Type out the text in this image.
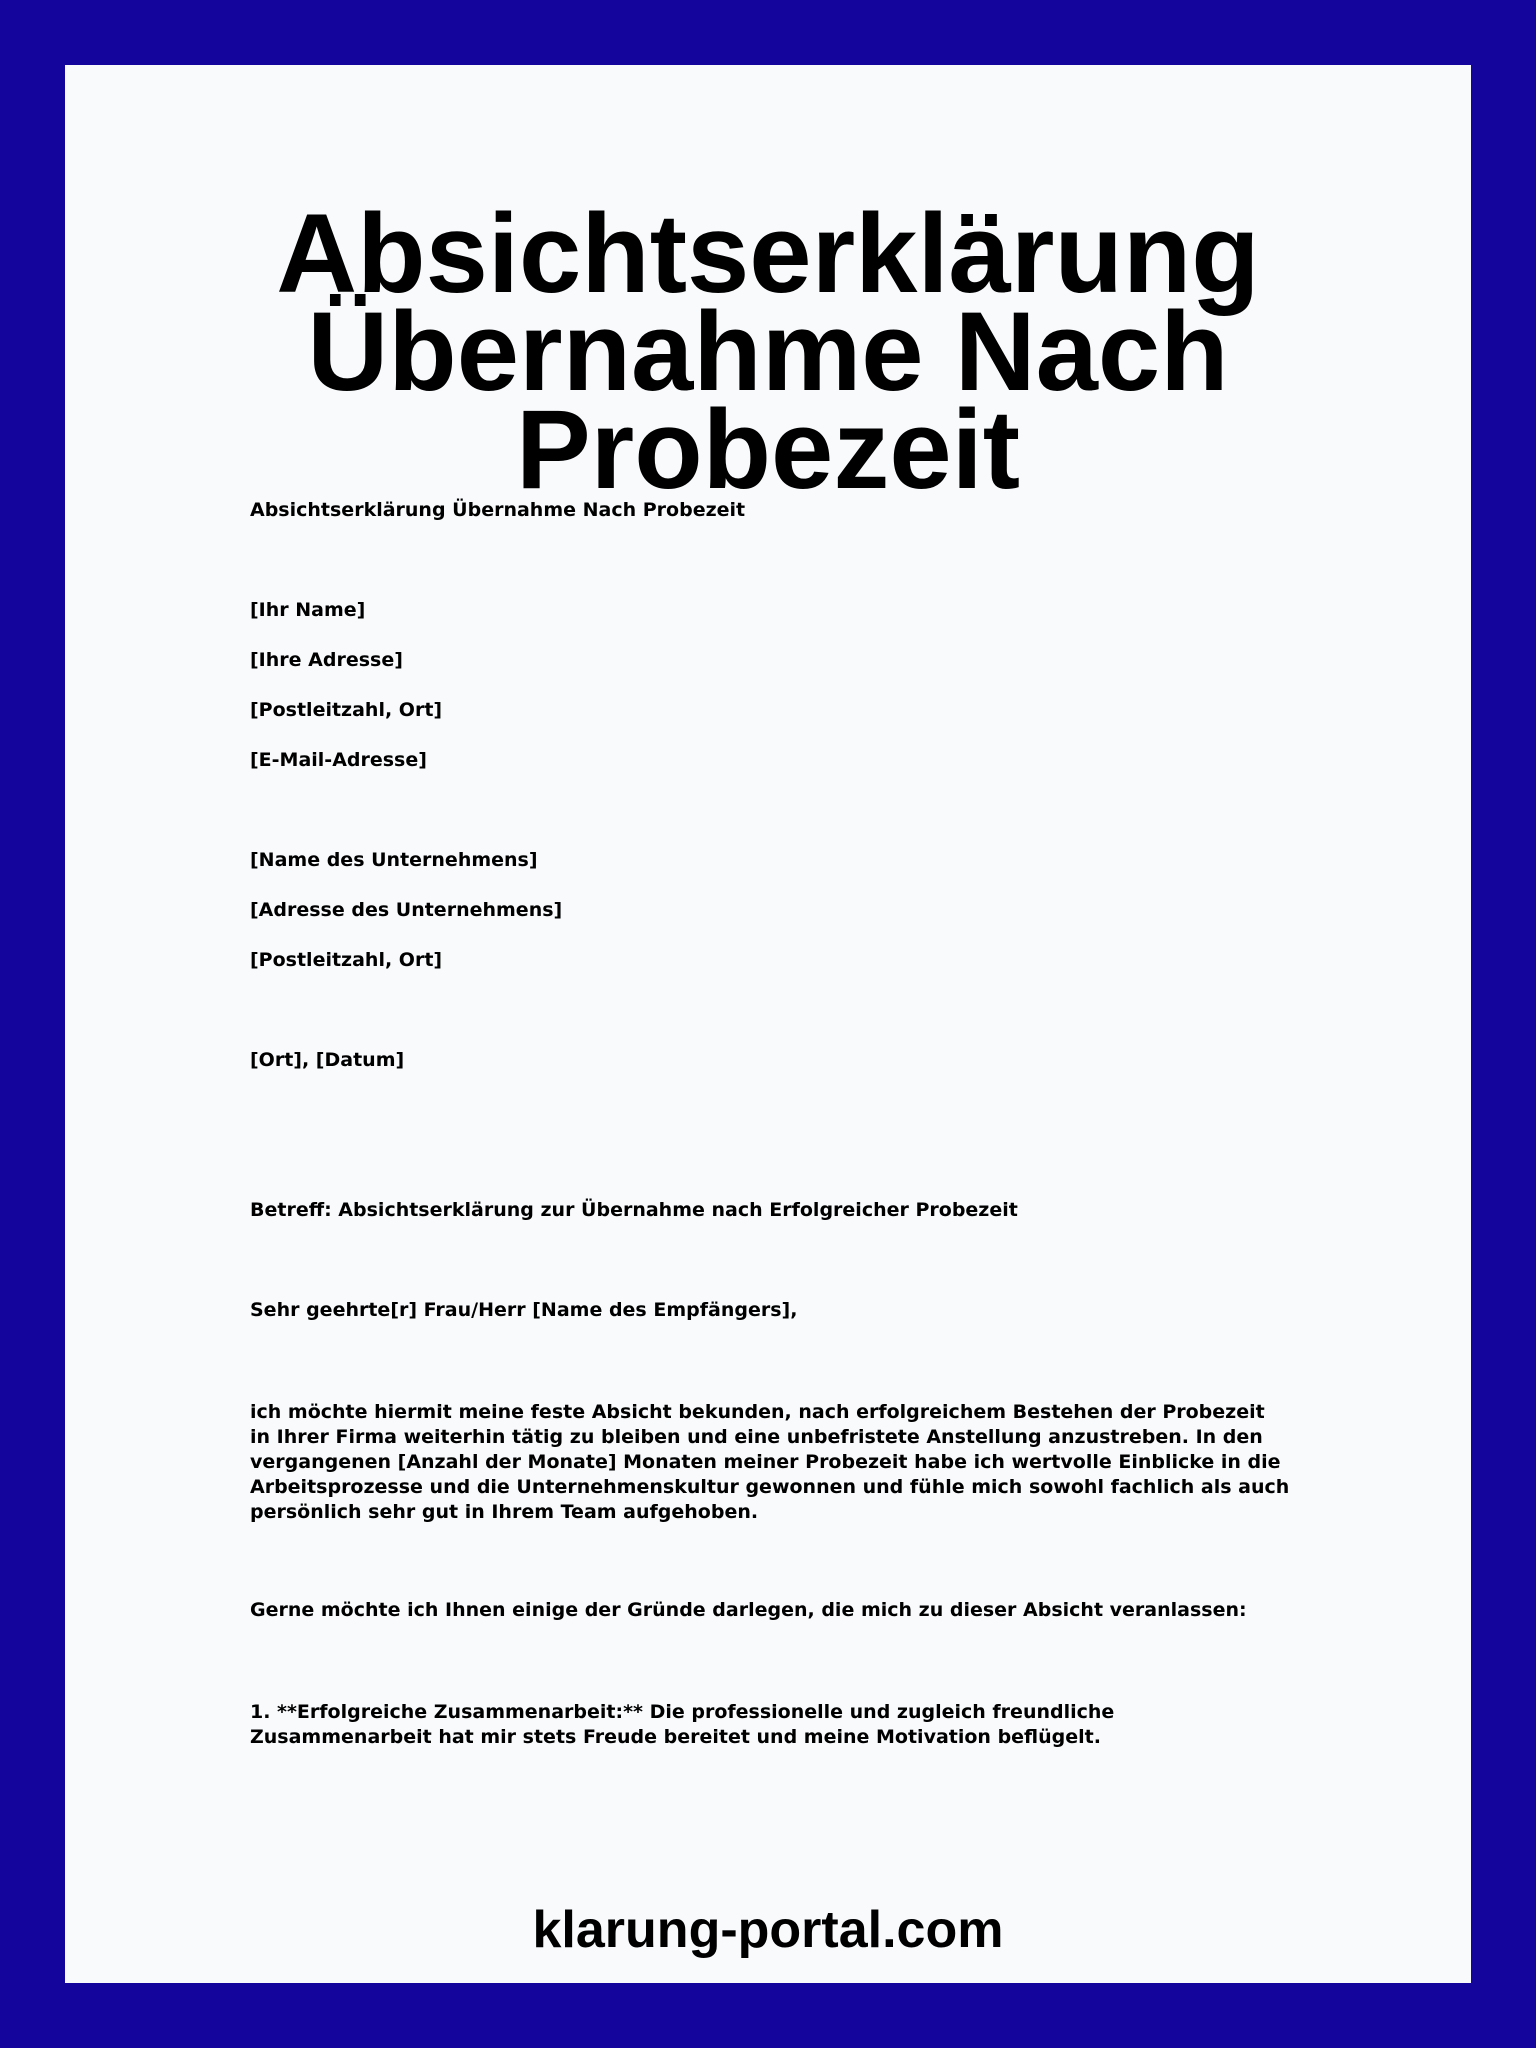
Absichtserklärung
Übernahme Nach Probezeit

Absichtserklärung Übernahme Nach Probezeit

[Ihr Name]

[Ihre Adresse]

[Postleitzahl, Ort]

[E-Mail-Adresse]

[Name des Unternehmens]

[Adresse des Unternehmens]

[Postleitzahl, Ort]

[Ort], [Datum]

Betreff: Absichtserklärung zur Übernahme nach Erfolgreicher Probezeit

Sehr geehrte[r] Frau/Herr [Name des Empfängers],

ich möchte hiermit meine feste Absicht bekunden, nach erfolgreichem Bestehen der Probezeit in Ihrer Firma weiterhin tätig zu bleiben und eine unbefristete Anstellung anzustreben. In den vergangenen [Anzahl der Monate] Monaten meiner Probezeit habe ich wertvolle Einblicke in die Arbeitsprozesse und die Unternehmenskultur gewonnen und fühle mich sowohl fachlich als auch persönlich sehr gut in Ihrem Team aufgehoben.

Gerne möchte ich Ihnen einige der Gründe darlegen, die mich zu dieser Absicht veranlassen:

1. **Erfolgreiche Zusammenarbeit:** Die professionelle und zugleich freundliche Zusammenarbeit hat mir stets Freude bereitet und meine Motivation beflügelt.

klarung-portal.com
